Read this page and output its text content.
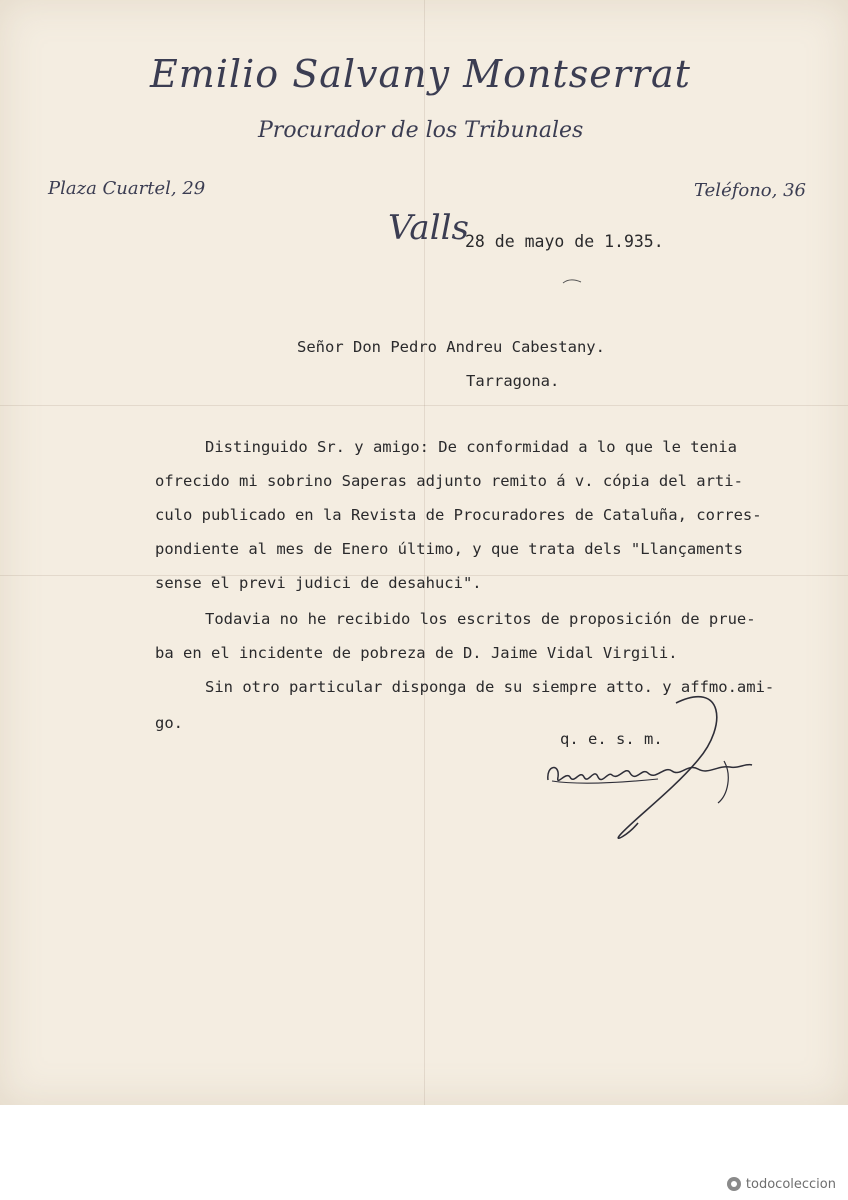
Emilio Salvany Montserrat
Procurador de los Tribunales
Plaza Cuartel, 29	Teléfono, 36
Valls
28 de mayo de 1.935.
Señor Don Pedro Andreu Cabestany.
Tarragona.
Distinguido Sr. y amigo: De conformidad a lo que le tenia
ofrecido mi sobrino Saperas adjunto remito á v. cópia del arti-
culo publicado en la Revista de Procuradores de Cataluña, corres-
pondiente al mes de Enero último, y que trata dels "Llançaments
sense el previ judici de desahuci".
Todavia no he recibido los escritos de proposición de prue-
ba en el incidente de pobreza de D. Jaime Vidal Virgili.
Sin otro particular disponga de su siempre atto. y affmo.ami-
go.
q. e. s. m.
todocoleccion
